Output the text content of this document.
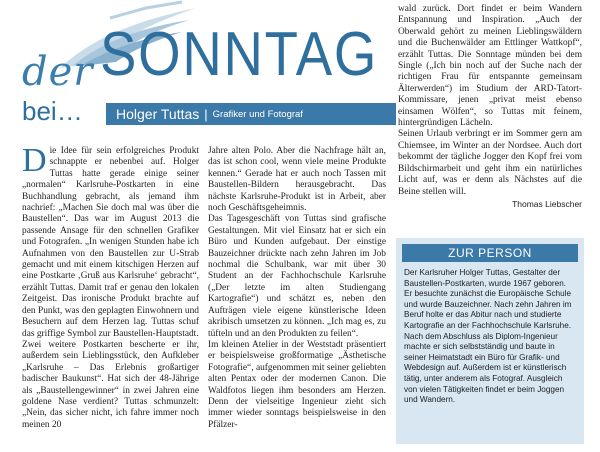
SONNTAG
der
bei… Holger Tuttas | Grafiker und Fotograf
D ie Idee für sein erfolgreiches Produkt schnappte er nebenbei auf. Holger Tuttas hatte gerade einige seiner „normalen“ Karlsruhe-Postkarten in eine Buchhandlung gebracht, als jemand ihm nachrief: „Machen Sie doch mal was über die Baustellen“. Das war im August 2013 die passende Ansage für den schnellen Grafiker und Fotografen. „In wenigen Stunden habe ich Aufnahmen von den Baustellen zur U-Strab gemacht und mit einem kitschigen Herzen auf eine Postkarte ‚Gruß aus Karlsruhe‘ gebracht“, erzählt Tuttas. Damit traf er genau den lokalen Zeitgeist. Das ironische Produkt brachte auf den Punkt, was den geplagten Einwohnern und Besuchern auf dem Herzen lag. Tuttas schuf das griffige Symbol zur Baustellen-Hauptstadt.

Zwei weitere Postkarten bescherte er ihr, außerdem sein Lieblingsstück, den Aufkleber „Karlsruhe – Das Erlebnis großartiger badischer Baukunst“. Hat sich der 48-Jährige als „Baustellengewinner“ in zwei Jahren eine goldene Nase verdient? Tuttas schmunzelt: „Nein, das sicher nicht, ich fahre immer noch meinen 20

Jahre alten Polo. Aber die Nachfrage hält an, das ist schon cool, wenn viele meine Produkte kennen.“ Gerade hat er auch noch Tassen mit Baustellen-Bildern herausgebracht. Das nächste Karlsruhe-Produkt ist in Arbeit, aber noch Geschäftsgeheimnis.

Das Tagesgeschäft von Tuttas sind grafische Gestaltungen. Mit viel Einsatz hat er sich ein Büro und Kunden aufgebaut. Der einstige Bauzeichner drückte nach zehn Jahren im Job nochmal die Schulbank, war mit über 30 Student an der Fachhochschule Karlsruhe („Der letzte im alten Studiengang Kartografie“) und schätzt es, neben den Aufträgen viele eigene künstlerische Ideen akribisch umsetzen zu können. „Ich mag es, zu tüfteln und an den Produkten zu feilen“.

Im kleinen Atelier in der Weststadt präsentiert er beispielsweise großformatige „Ästhetische Fotografie“, aufgenommen mit seiner geliebten alten Pentax oder der modernen Canon. Die Waldfotos liegen ihm besonders am Herzen. Denn der vielseitige Ingenieur zieht sich immer wieder sonntags beispielsweise in den Pfälzer-

wald zurück. Dort findet er beim Wandern Entspannung und Inspiration. „Auch der Oberwald gehört zu meinen Lieblingswäldern und die Buchenwälder am Ettlinger Wattkopf“, erzählt Tuttas. Die Sonntage münden bei dem Single („Ich bin noch auf der Suche nach der richtigen Frau für entspannte gemeinsam Älterwerden“) im Studium der ARD-Tatort-Kommissare, jenen „privat meist ebenso einsamen Wölfen“, so Tuttas mit feinem, hintergründigen Lächeln.

Seinen Urlaub verbringt er im Sommer gern am Chiemsee, im Winter an der Nordsee. Auch dort bekommt der tägliche Jogger den Kopf frei vom Bildschirmarbeit und geht ihm ein natürliches Licht auf, was er denn als Nächstes auf die Beine stellen will.

Thomas Liebscher
ZUR PERSON
Der Karlsruher Holger Tuttas, Gestalter der Baustellen-Postkarten, wurde 1967 geboren. Er besuchte zunächst die Europäische Schule und wurde Bauzeichner. Nach zehn Jahren im Beruf holte er das Abitur nach und studierte Kartografie an der Fachhochschule Karlsruhe. Nach dem Abschluss als Diplom-Ingenieur machte er sich selbstständig und baute in seiner Heimatstadt ein Büro für Grafik- und Webdesign auf. Außerdem ist er künstlerisch tätig, unter anderem als Fotograf. Ausgleich von vielen Tätigkeiten findet er beim Joggen und Wandern.
